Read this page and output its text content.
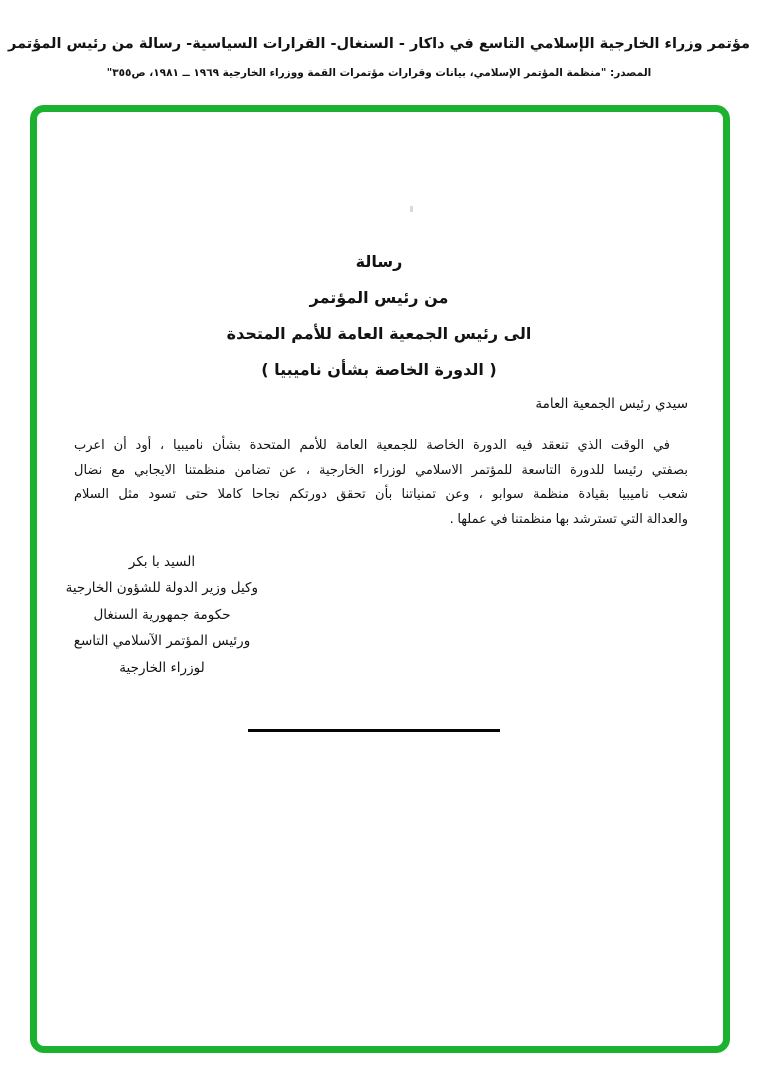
مؤتمر وزراء الخارجية الإسلامي التاسع في داكار - السنغال- القرارات السياسية- رسالة من رئيس المؤتمر
المصدر: "منظمة المؤتمر الإسلامي، بيانات وقرارات مؤتمرات القمة ووزراء الخارجية ١٩٦٩ ــ ١٩٨١، ص٣٥٥"
رسالة
من رئيس المؤتمر
الى رئيس الجمعية العامة للأمم المتحدة
( الدورة الخاصة بشأن ناميبيا )
سيدي رئيس الجمعية العامة
في الوقت الذي تنعقد فيه الدورة الخاصة للجمعية العامة للأمم المتحدة بشأن ناميبيا ، أود أن اعرب
بصفتي رئيسا للدورة التاسعة للمؤتمر الاسلامي لوزراء الخارجية ، عن تضامن منظمتنا الايجابي مع نضال
شعب ناميبيا بقيادة منظمة سوابو ، وعن تمنياتنا بأن تحقق دورتكم نجاحا كاملا حتى تسود مثل السلام
والعدالة التي تسترشد بها منظمتنا في عملها .
السيد با بكر
وكيل وزير الدولة للشؤون الخارجية
حكومة جمهورية السنغال
ورئيس المؤتمر الآسلامي التاسع
لوزراء الخارجية
